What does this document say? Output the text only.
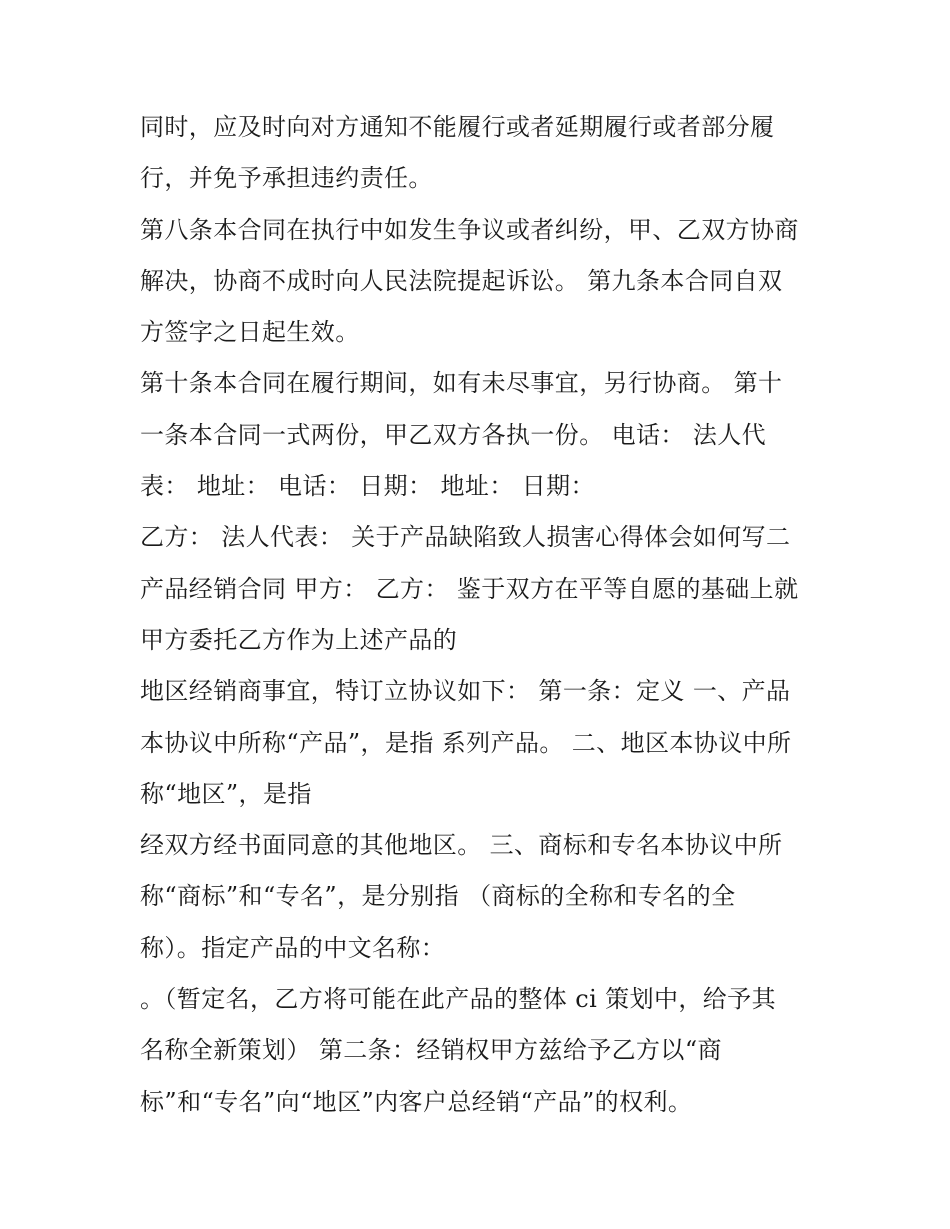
同时，应及时向对方通知不能履行或者延期履行或者部分履
行，并免予承担违约责任。
第八条本合同在执行中如发生争议或者纠纷，甲、乙双方协商
解决，协商不成时向人民法院提起诉讼。 第九条本合同自双
方签字之日起生效。
第十条本合同在履行期间，如有未尽事宜，另行协商。 第十
一条本合同一式两份，甲乙双方各执一份。 电话： 法人代
表： 地址： 电话： 日期： 地址： 日期：
乙方： 法人代表： 关于产品缺陷致人损害心得体会如何写二
产品经销合同 甲方： 乙方： 鉴于双方在平等自愿的基础上就
甲方委托乙方作为上述产品的
地区经销商事宜，特订立协议如下： 第一条：定义 一、产品
本协议中所称“产品”，是指 系列产品。 二、地区本协议中所
称“地区”，是指
经双方经书面同意的其他地区。 三、商标和专名本协议中所
称“商标”和“专名”，是分别指 （商标的全称和专名的全
称）。指定产品的中文名称：
。（暂定名，乙方将可能在此产品的整体 ci 策划中，给予其
名称全新策划） 第二条：经销权甲方兹给予乙方以“商
标”和“专名”向“地区”内客户总经销“产品”的权利。
